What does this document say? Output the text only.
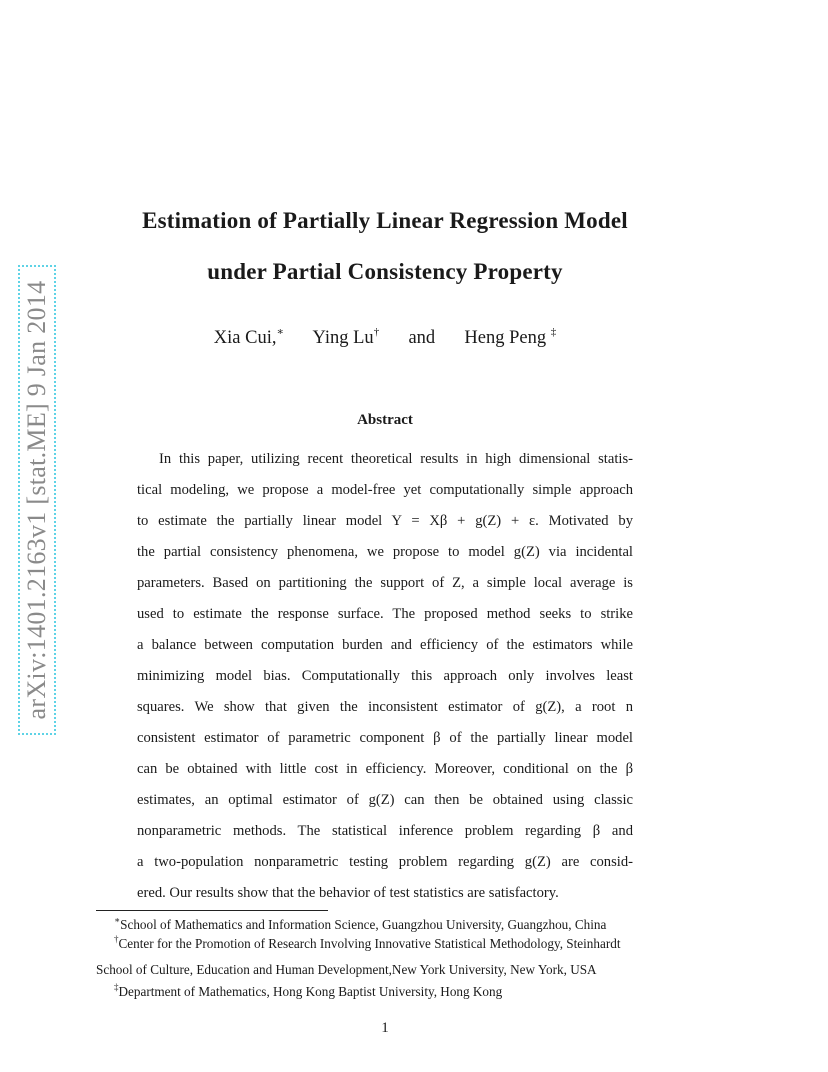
arXiv:1401.2163v1 [stat.ME] 9 Jan 2014
Estimation of Partially Linear Regression Model
under Partial Consistency Property
Xia Cui,∗ Ying Lu† and Heng Peng ‡
Abstract
In this paper, utilizing recent theoretical results in high dimensional statis-
tical modeling, we propose a model-free yet computationally simple approach
to estimate the partially linear model Y = Xβ + g(Z) + ε. Motivated by
the partial consistency phenomena, we propose to model g(Z) via incidental
parameters. Based on partitioning the support of Z, a simple local average is
used to estimate the response surface. The proposed method seeks to strike
a balance between computation burden and efficiency of the estimators while
minimizing model bias. Computationally this approach only involves least
squares. We show that given the inconsistent estimator of g(Z), a root n
consistent estimator of parametric component β of the partially linear model
can be obtained with little cost in efficiency. Moreover, conditional on the β
estimates, an optimal estimator of g(Z) can then be obtained using classic
nonparametric methods. The statistical inference problem regarding β and
a two-population nonparametric testing problem regarding g(Z) are consid-
ered. Our results show that the behavior of test statistics are satisfactory.
∗School of Mathematics and Information Science, Guangzhou University, Guangzhou, China
†Center for the Promotion of Research Involving Innovative Statistical Methodology, Steinhardt
School of Culture, Education and Human Development,New York University, New York, USA
‡Department of Mathematics, Hong Kong Baptist University, Hong Kong
1
